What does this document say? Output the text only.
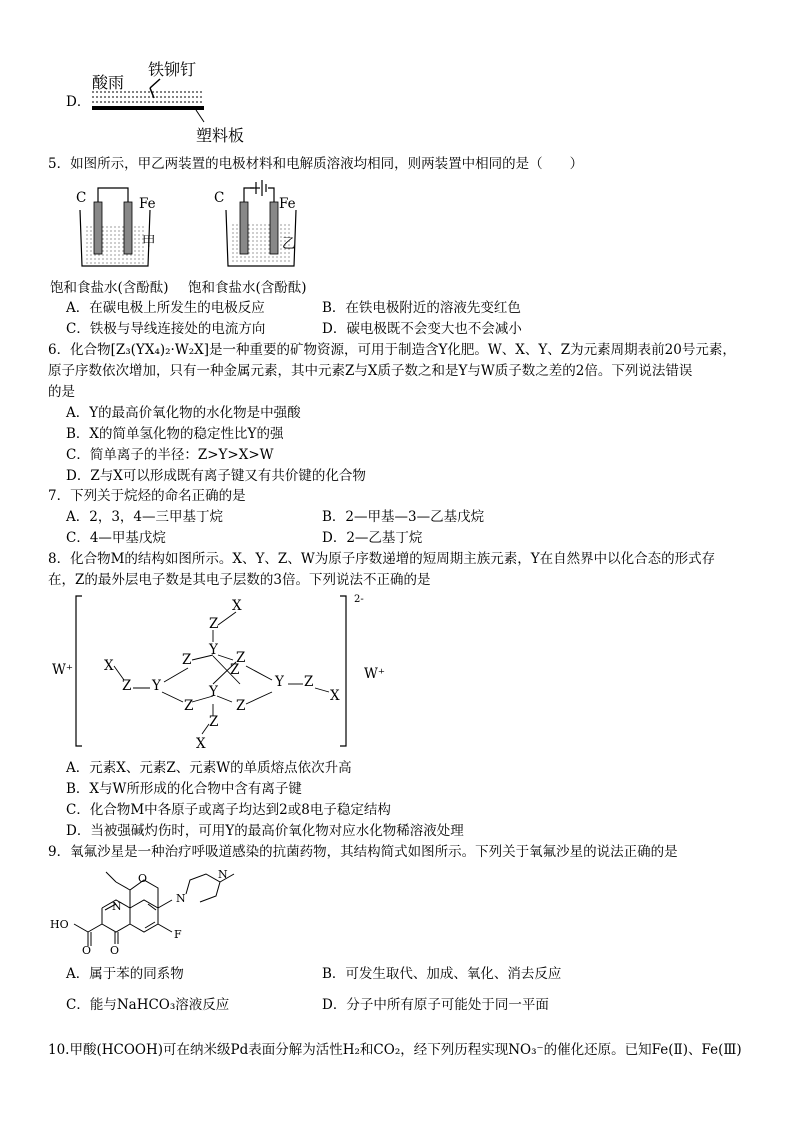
D．
酸雨
铁铆钉
塑料板
5．如图所示，甲乙两装置的电极材料和电解质溶液均相同，则两装置中相同的是（　　）
C	Fe
甲
C	Fe
乙
饱和食盐水(含酚酞) 饱和食盐水(含酚酞)
A．在碳电极上所发生的电极反应	B．在铁电极附近的溶液先变红色
C．铁极与导线连接处的电流方向	D．碳电极既不会变大也不会减小
6．化合物[Z₃(YX₄)₂·W₂X]是一种重要的矿物资源，可用于制造含Y化肥。W、X、Y、Z为元素周期表前20号元素，
原子序数依次增加，只有一种金属元素，其中元素Z与X质子数之和是Y与W质子数之差的2倍。下列说法错误
的是
A．Y的最高价氧化物的水化物是中强酸
B．X的简单氢化物的稳定性比Y的强
C．简单离子的半径：Z>Y>X>W
D．Z与X可以形成既有离子键又有共价键的化合物
7．下列关于烷烃的命名正确的是
A．2，3，4—三甲基丁烷	B．2—甲基—3—乙基戊烷
C．4—甲基戊烷	D．2—乙基丁烷
8．化合物M的结构如图所示。X、Y、Z、W为原子序数递增的短周期主族元素，Y在自然界中以化合态的形式存
在，Z的最外层电子数是其电子层数的3倍。下列说法不正确的是
W⁺	W⁺
2-
X
Z
Y
Z	Z
Z
X
Z Y	Y
Z	Z
Y Z
X
Z
X
A．元素X、元素Z、元素W的单质熔点依次升高
B．X与W所形成的化合物中含有离子键
C．化合物M中各原子或离子均达到2或8电子稳定结构
D．当被强碱灼伤时，可用Y的最高价氧化物对应水化物稀溶液处理
9．氧氟沙星是一种治疗呼吸道感染的抗菌药物，其结构简式如图所示。下列关于氧氟沙星的说法正确的是
O
N
N
N
F
HO
O O
A．属于苯的同系物	B．可发生取代、加成、氧化、消去反应
C．能与NaHCO₃溶液反应	D．分子中所有原子可能处于同一平面
10.甲酸(HCOOH)可在纳米级Pd表面分解为活性H₂和CO₂，经下列历程实现NO₃⁻的催化还原。已知Fe(Ⅱ)、Fe(Ⅲ)
